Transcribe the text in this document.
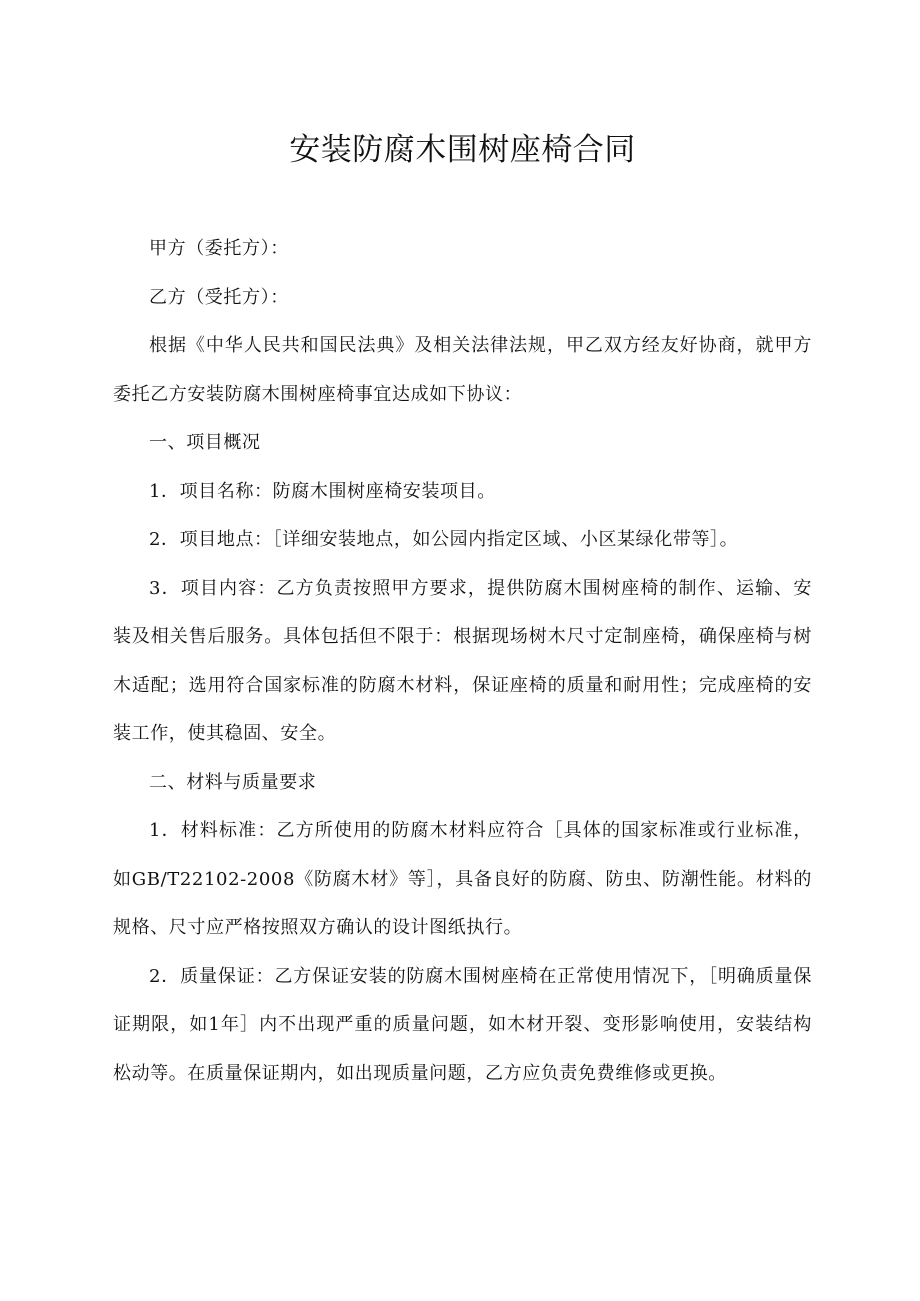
安装防腐木围树座椅合同

甲方（委托方）：

乙方（受托方）：

根据《中华人民共和国民法典》及相关法律法规，甲乙双方经友好协商，就甲方委托乙方安装防腐木围树座椅事宜达成如下协议：

一、项目概况

1．项目名称：防腐木围树座椅安装项目。

2．项目地点：［详细安装地点，如公园内指定区域、小区某绿化带等］。

3．项目内容：乙方负责按照甲方要求，提供防腐木围树座椅的制作、运输、安装及相关售后服务。具体包括但不限于：根据现场树木尺寸定制座椅，确保座椅与树木适配；选用符合国家标准的防腐木材料，保证座椅的质量和耐用性；完成座椅的安装工作，使其稳固、安全。

二、材料与质量要求

1．材料标准：乙方所使用的防腐木材料应符合［具体的国家标准或行业标准，如GB/T22102-2008《防腐木材》等］，具备良好的防腐、防虫、防潮性能。材料的规格、尺寸应严格按照双方确认的设计图纸执行。

2．质量保证：乙方保证安装的防腐木围树座椅在正常使用情况下，［明确质量保证期限，如1年］内不出现严重的质量问题，如木材开裂、变形影响使用，安装结构松动等。在质量保证期内，如出现质量问题，乙方应负责免费维修或更换。
